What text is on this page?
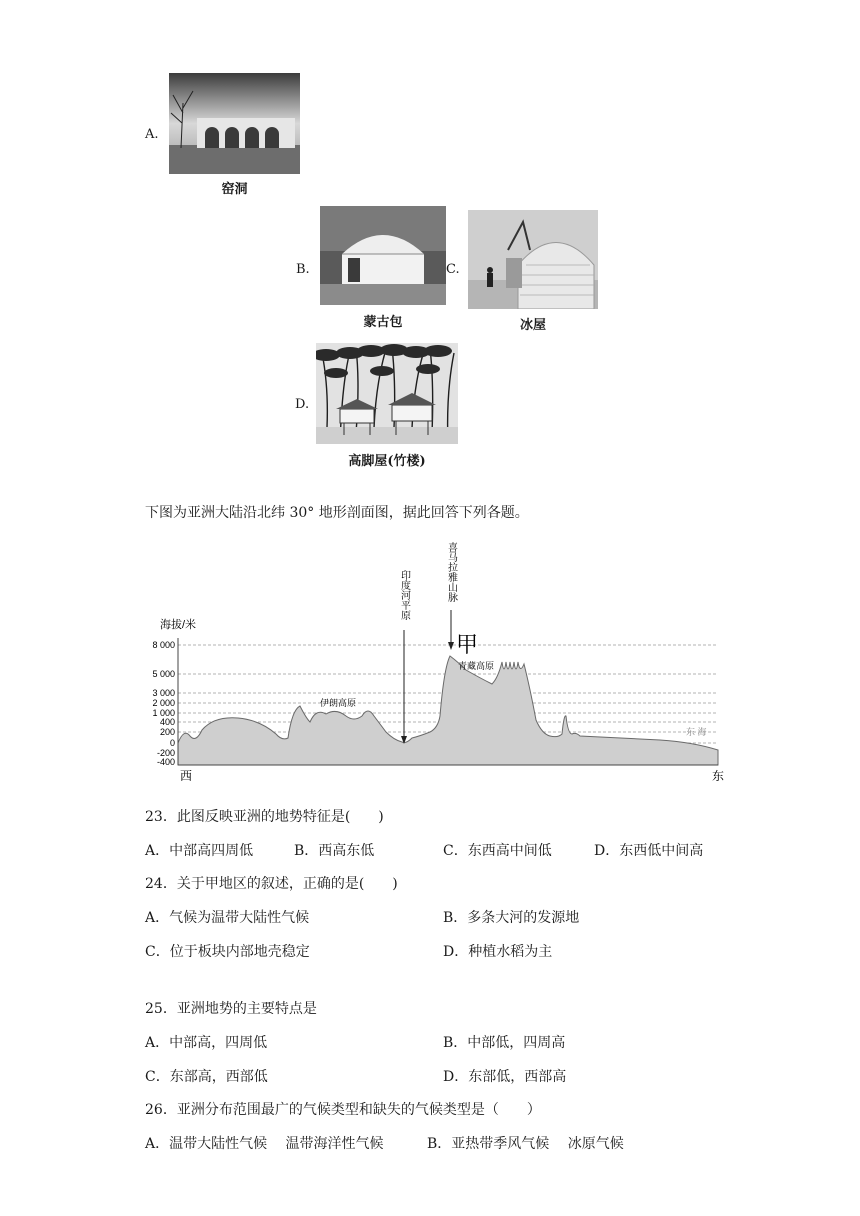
A.
窑洞
B.
蒙古包
C.
冰屋
D.
高脚屋(竹楼)
下图为亚洲大陆沿北纬 30° 地形剖面图，据此回答下列各题。
8 000
5 000
3 000
2 000
1 000
400
200
0
-200
-400
海拔/米
西	东
印度河平原	喜马拉雅山脉
青藏高原
伊朗高原
东 海
甲
23．此图反映亚洲的地势特征是(　　)
A．中部高四周低	B．西高东低	C．东西高中间低	D．东西低中间高
24．关于甲地区的叙述，正确的是(　　)
A．气候为温带大陆性气候	B．多条大河的发源地
C．位于板块内部地壳稳定	D．种植水稻为主
25．亚洲地势的主要特点是
A．中部高，四周低	B．中部低，四周高
C．东部高，西部低	D．东部低，西部高
26．亚洲分布范围最广的气候类型和缺失的气候类型是（　　）
A．温带大陆性气候　 温带海洋性气候	B．亚热带季风气候　 冰原气候
